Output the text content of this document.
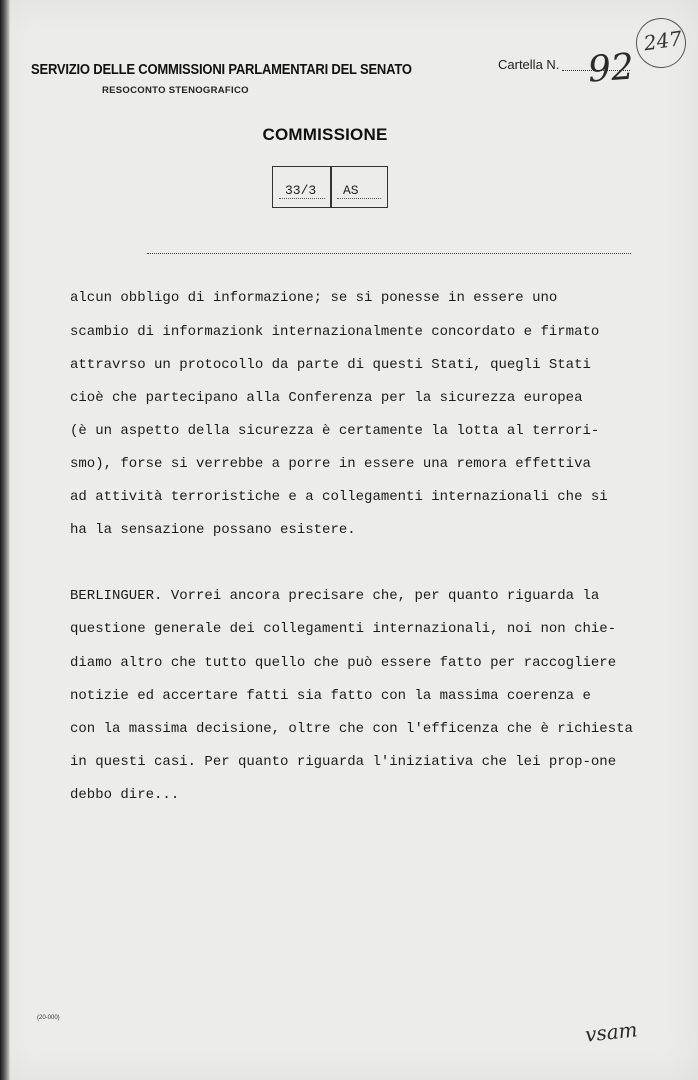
247
SERVIZIO DELLE COMMISSIONI PARLAMENTARI DEL SENATO
RESOCONTO STENOGRAFICO
Cartella N. 92
COMMISSIONE
33/3 AS
alcun obbligo di informazione; se si ponesse in essere uno
scambio di informazionk internazionalmente concordato e firmato
attravrso un protocollo da parte di questi Stati, quegli Stati
cioè che partecipano alla Conferenza per la sicurezza europea
(è un aspetto della sicurezza è certamente la lotta al terrori-
smo), forse si verrebbe a porre in essere una remora effettiva
ad attività terroristiche e a collegamenti internazionali che si
ha la sensazione possano esistere.
BERLINGUER. Vorrei ancora precisare che, per quanto riguarda la
questione generale dei collegamenti internazionali, noi non chie-
diamo altro che tutto quello che può essere fatto per raccogliere
notizie ed accertare fatti sia fatto con la massima coerenza e
con la massima decisione, oltre che con l'efficenza che è richiesta
in questi casi. Per quanto riguarda l'iniziativa che lei prop-one
debbo dire...
(20-000)	vsam
